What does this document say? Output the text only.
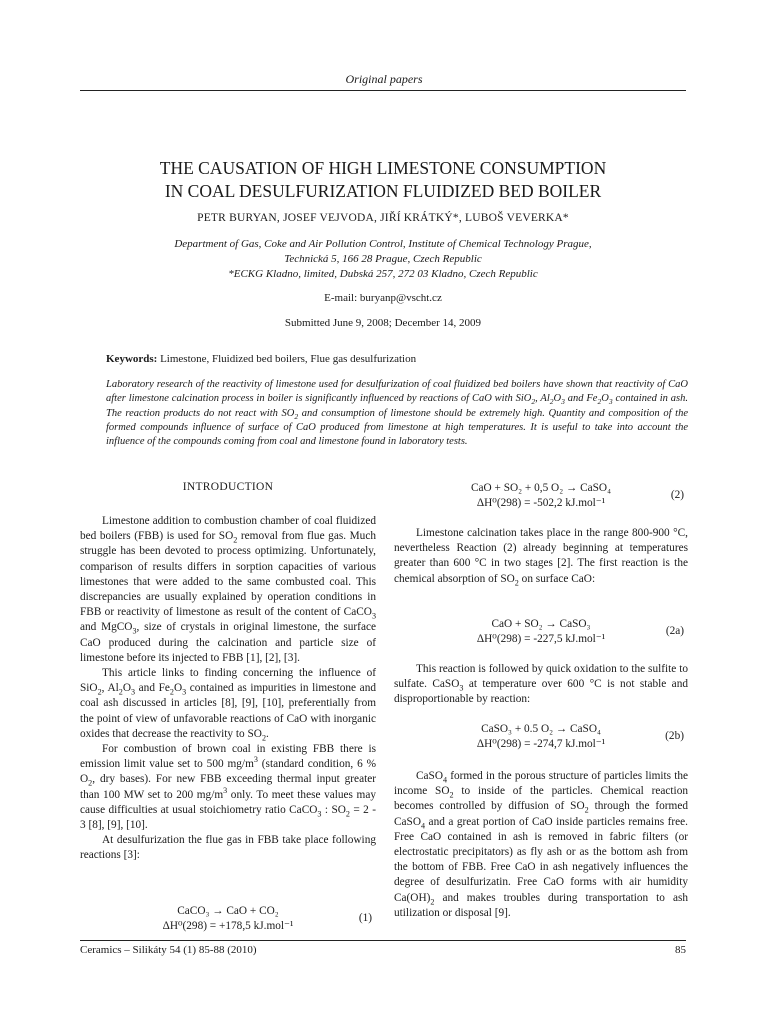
Original papers
THE CAUSATION OF HIGH LIMESTONE CONSUMPTION
IN COAL DESULFURIZATION FLUIDIZED BED BOILER
PETR BURYAN, JOSEF VEJVODA, JIŘÍ KRÁTKÝ*, LUBOŠ VEVERKA*
Department of Gas, Coke and Air Pollution Control, Institute of Chemical Technology Prague,
Technická 5, 166 28 Prague, Czech Republic
*ECKG Kladno, limited, Dubská 257, 272 03 Kladno, Czech Republic
E-mail: buryanp@vscht.cz
Submitted June 9, 2008; December 14, 2009
Keywords: Limestone, Fluidized bed boilers, Flue gas desulfurization
Laboratory research of the reactivity of limestone used for desulfurization of coal fluidized bed boilers have shown that reactivity of CaO after limestone calcination process in boiler is significantly influenced by reactions of CaO with SiO$_2$, $Al_2O_3$ and $Fe_2O_3$ contained in ash. The reaction products do not react with $SO_2$ and consumption of limestone should be extremely high. Quantity and composition of the formed compounds influence of surface of CaO produced from limestone at high temperatures. It is useful to take into account the influence of the compounds coming from coal and limestone found in laboratory tests.
INTRODUCTION

Limestone addition to combustion chamber of coal fluidized bed boilers (FBB) is used for $SO_2$ removal from flue gas. Much struggle has been devoted to process optimizing. Unfortunately, comparison of results differs in sorption capacities of various limestones that were added to the same combusted coal. This discrepancies are usually explained by operation conditions in FBB or reactivity of limestone as result of the content of CaCO$_3$ and MgCO$_3$, size of crystals in original limestone, the surface CaO produced during the calcination and particle size of limestone before its injected to FBB [1], [2], [3].

This article links to finding concerning the influence of SiO$_2$, $Al_2O_3$ and $Fe_2O_3$ contained as impurities in limestone and coal ash discussed in articles [8], [9], [10], preferentially from the point of view of unfavorable reactions of CaO with inorganic oxides that decrease the reactivity to $SO_2$.

For combustion of brown coal in existing FBB there is emission limit value set to 500 $mg/m^3$ (standard condition, 6 % $O_2$, dry bases). For new FBB exceeding thermal input greater than 100 MW set to 200 $mg/m^3$ only. To meet these values may cause difficulties at usual stoichiometry ratio CaCO$_3$ : $SO_2 = 2 - 3$ [8], [9], [10].

At desulfurization the flue gas in FBB take place following reactions [3]:

CaCO₃ → CaO + CO₂
ΔH⁰(298) = +178,5 kJ.mol⁻¹
(1)
CaO + SO₂ + 0,5 O₂ → CaSO₄
ΔH⁰(298) = -502,2 kJ.mol⁻¹
(2)

Limestone calcination takes place in the range 800-900 °C, nevertheless Reaction (2) already beginning at temperatures greater than 600 °C in two stages [2]. The first reaction is the chemical absorption of $SO_2$ on surface CaO:

CaO + SO₂ → CaSO₃
ΔH⁰(298) = -227,5 kJ.mol⁻¹
(2a)

This reaction is followed by quick oxidation to the sulfite to sulfate. CaSO$_3$ at temperature over 600 °C is not stable and disproportionable by reaction:

CaSO₃ + 0.5 O₂ → CaSO₄
ΔH⁰(298) = -274,7 kJ.mol⁻¹
(2b)

CaSO$_4$ formed in the porous structure of particles limits the income $SO_2$ to inside of the particles. Chemical reaction becomes controlled by diffusion of $SO_2$ through the formed CaSO$_4$ and a great portion of CaO inside particles remains free. Free CaO contained in ash is removed in fabric filters (or electrostatic precipitators) as fly ash or as the bottom ash from the bottom of FBB. Free CaO in ash negatively influences the degree of desulfurizatin. Free CaO forms with air humidity $Ca(OH)_2$ and makes troubles during transportation to ash utilization or disposal [9].

Ceramics – Silikáty 54 (1) 85-88 (2010)	85
